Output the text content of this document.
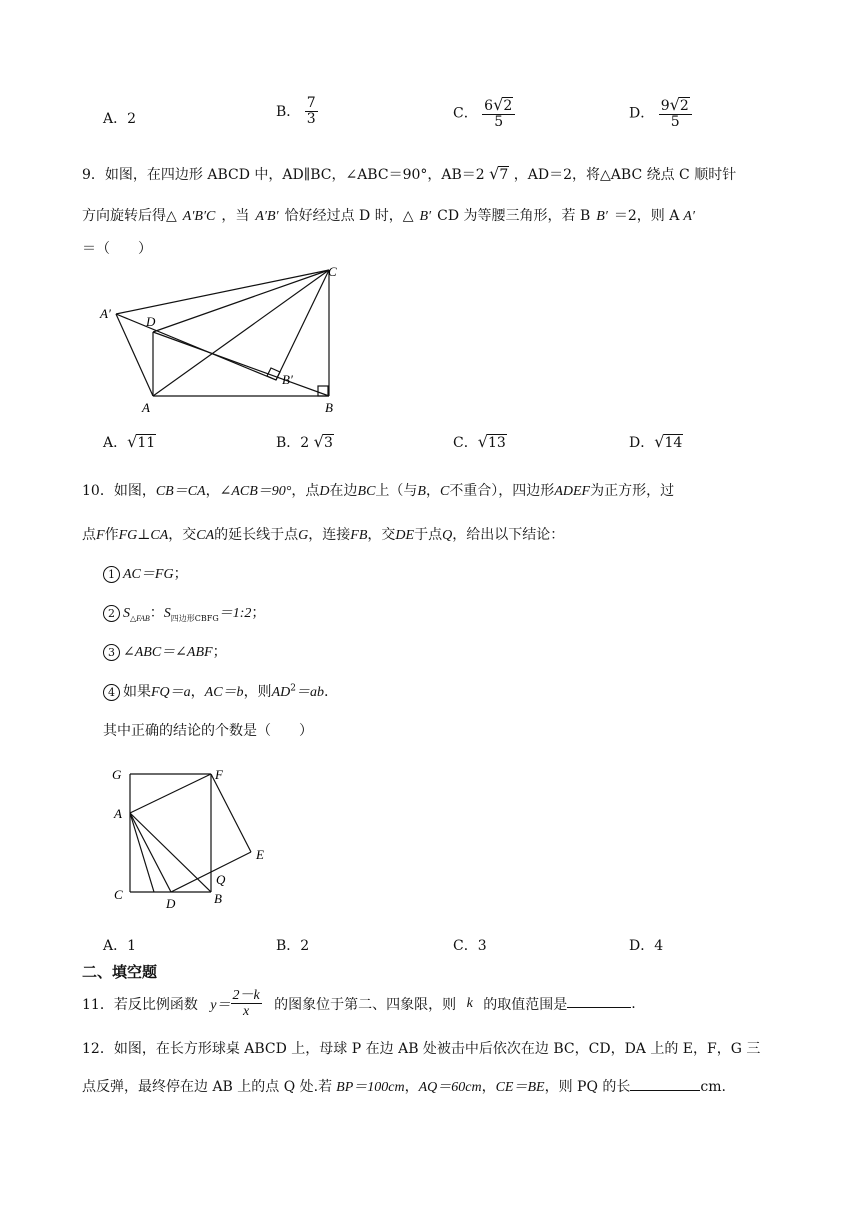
A．2	B． $\frac{7}{3}$	C． $\frac{6√2}{5}$	D． $\frac{9√2}{5}$
9．如图，在四边形 ABCD 中，AD∥BC，∠ABC＝90°，AB＝2 √7 ，AD＝2，将△ABC 绕点 C 顺时针
方向旋转后得△ A′B′C ，当 A′B′ 恰好经过点 D 时，△ B′ CD 为等腰三角形，若 B B′ ＝2，则 A A′
＝（　　）
A′
D
C
B′
A	B
A．√11	B．2 √3	C．√13	D．√14
10．如图，CB＝CA，∠ACB＝90°，点D在边BC上（与B，C不重合），四边形ADEF为正方形，过
点F作FG⊥CA，交CA的延长线于点G，连接FB，交DE于点Q，给出以下结论：
1 AC＝FG；
2 $S_{\triangle FAB}$：$S_{四边形CBFG}=1:2$；
3 ∠ABC＝∠ABF；
4 如果FQ＝a，AC＝b，则$AD^2=ab$.
其中正确的结论的个数是（　　）
G	F
A
E
C
Q
D	B
A．1	B．2	C．3	D．4
二、填空题
11．若反比例函数 $y= \frac{2-k}{x}$ 的图象位于第二、四象限，则 k 的取值范围是	.
12．如图，在长方形球桌 ABCD 上，母球 P 在边 AB 处被击中后依次在边 BC，CD，DA 上的 E，F，G 三
点反弹，最终停在边 AB 上的点 Q 处.若 BP＝100cm，AQ＝60cm，CE＝BE，则 PQ 的长	cm.
